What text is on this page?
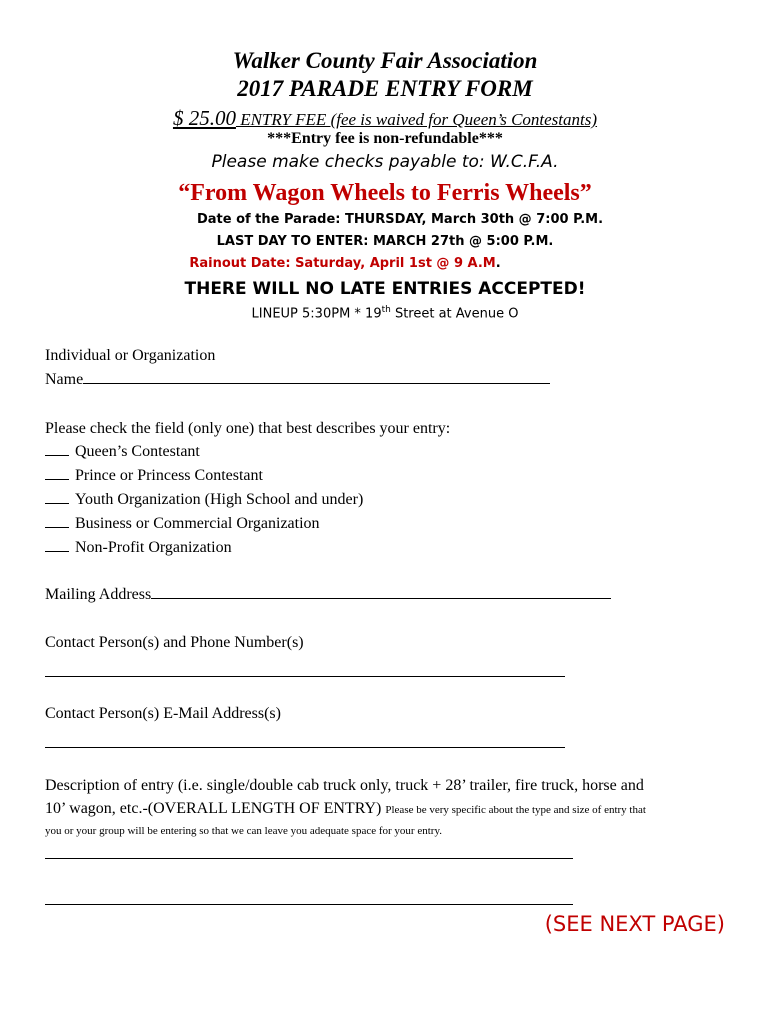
Walker County Fair Association
2017 PARADE ENTRY FORM
$ 25.00 ENTRY FEE (fee is waived for Queen’s Contestants)
***Entry fee is non-refundable***
Please make checks payable to: W.C.F.A.
“From Wagon Wheels to Ferris Wheels”
Date of the Parade: THURSDAY, March 30th @ 7:00 P.M.
LAST DAY TO ENTER: MARCH 27th @ 5:00 P.M.
Rainout Date: Saturday, April 1st @ 9 A.M.
THERE WILL NO LATE ENTRIES ACCEPTED!
LINEUP 5:30PM * 19th Street at Avenue O
Individual or Organization
Name
Please check the field (only one) that best describes your entry:
Queen’s Contestant
Prince or Princess Contestant
Youth Organization (High School and under)
Business or Commercial Organization
Non-Profit Organization
Mailing Address
Contact Person(s) and Phone Number(s)
Contact Person(s) E-Mail Address(s)
Description of entry (i.e. single/double cab truck only, truck + 28’ trailer, fire truck, horse and
10’ wagon, etc.-(OVERALL LENGTH OF ENTRY) Please be very specific about the type and size of entry that
you or your group will be entering so that we can leave you adequate space for your entry.
(SEE NEXT PAGE)
